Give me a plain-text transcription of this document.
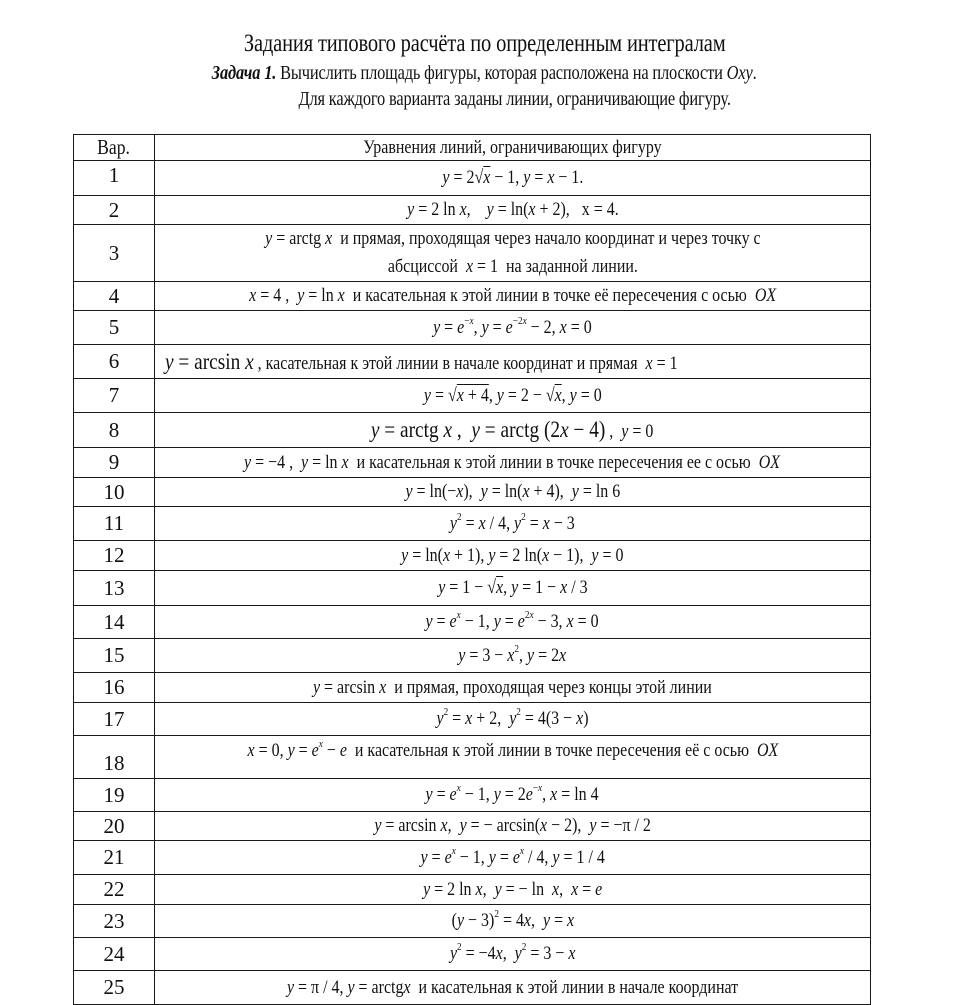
Задания типового расчёта по определенным интегралам
Задача 1. Вычислить площадь фигуры, которая расположена на плоскости Oxy.
Для каждого варианта заданы линии, ограничивающие фигуру.
Вар.	Уравнения линий, ограничивающих фигуру
1	y = 2√x − 1, y = x − 1.
2	y = 2 ln x,    y = ln(x + 2),   x = 4.
3	y = arctg x и прямая, проходящая через начало координат и через точку с
абсциссой x = 1  на заданной линии.
4	x = 4 ,  y = ln x и касательная к этой линии в точке её пересечения с осью OX
5	$y = e^{-x}$, $y = e^{-2x} - 2$, x = 0
6	y = arcsin x , касательная к этой линии в начале координат и прямая x = 1
7	y = √x + 4, y = 2 − √x, y = 0
8	y = arctg x ,  y = arctg (2x − 4) ,  y = 0
9	y = −4 ,  y = ln x и касательная к этой линии в точке пересечения ее с осью OX
10	y = ln(−x),  y = ln(x + 4),  y = ln 6
11	$y^2 = x / 4$, $y^2 = x - 3$
12	y = ln(x + 1), y = 2 ln(x − 1),  y = 0
13	y = 1 − √x, y = 1 − x / 3
14	$y = e^x - 1$, $y = e^{2x} - 3$, x = 0
15	$y = 3 - x^2$, y = 2x
16	y = arcsin x и прямая, проходящая через концы этой линии
17	$y^2 = x + 2$,  $y^2 = 4(3 - x)$
18	x = 0, $y = e^x - e$ и касательная к этой линии в точке пересечения её с осью OX
19	$y = e^x - 1$, $y = 2e^{-x}$, x = ln 4
20	y = arcsin x,  y = − arcsin(x − 2),  y = −π / 2
21	$y = e^x - 1$, $y = e^x / 4$, y = 1 / 4
22	y = 2 ln x,  y = − ln  x,  x = e
23	$(y - 3)^2 = 4x$,  y = x
24	$y^2 = -4x$,  $y^2 = 3 - x$
25	y = π / 4, y = arctgx и касательная к этой линии в начале координат
